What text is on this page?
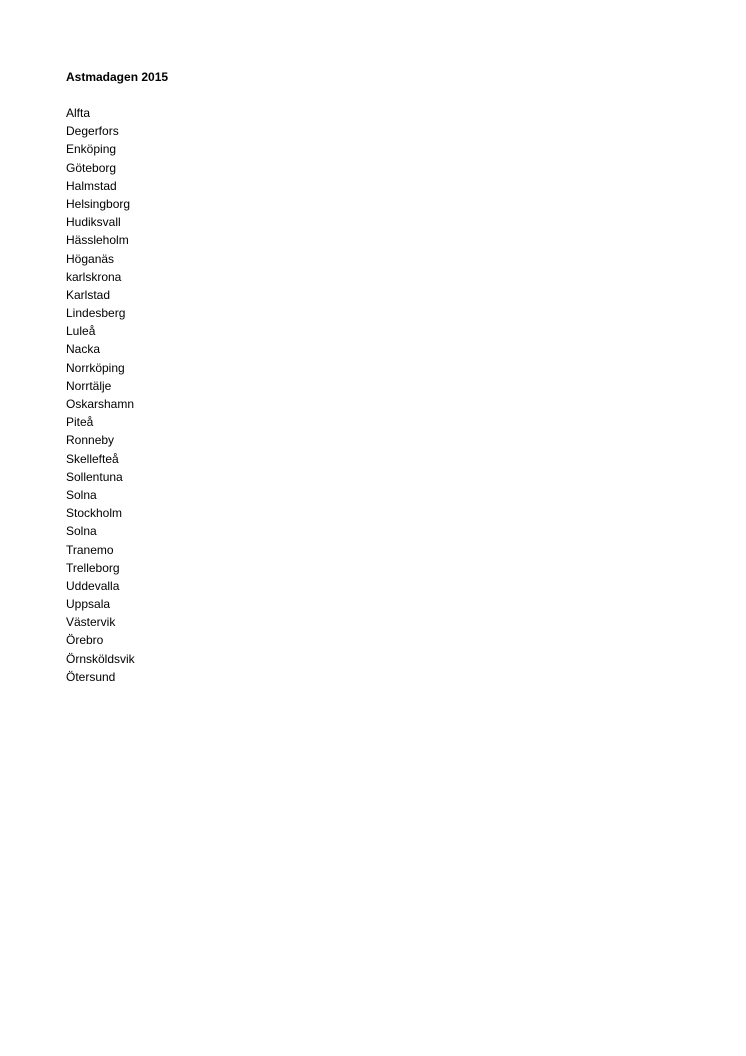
Astmadagen 2015
Alfta
Degerfors
Enköping
Göteborg
Halmstad
Helsingborg
Hudiksvall
Hässleholm
Höganäs
karlskrona
Karlstad
Lindesberg
Luleå
Nacka
Norrköping
Norrtälje
Oskarshamn
Piteå
Ronneby
Skellefteå
Sollentuna
Solna
Stockholm
Solna
Tranemo
Trelleborg
Uddevalla
Uppsala
Västervik
Örebro
Örnsköldsvik
Ötersund
